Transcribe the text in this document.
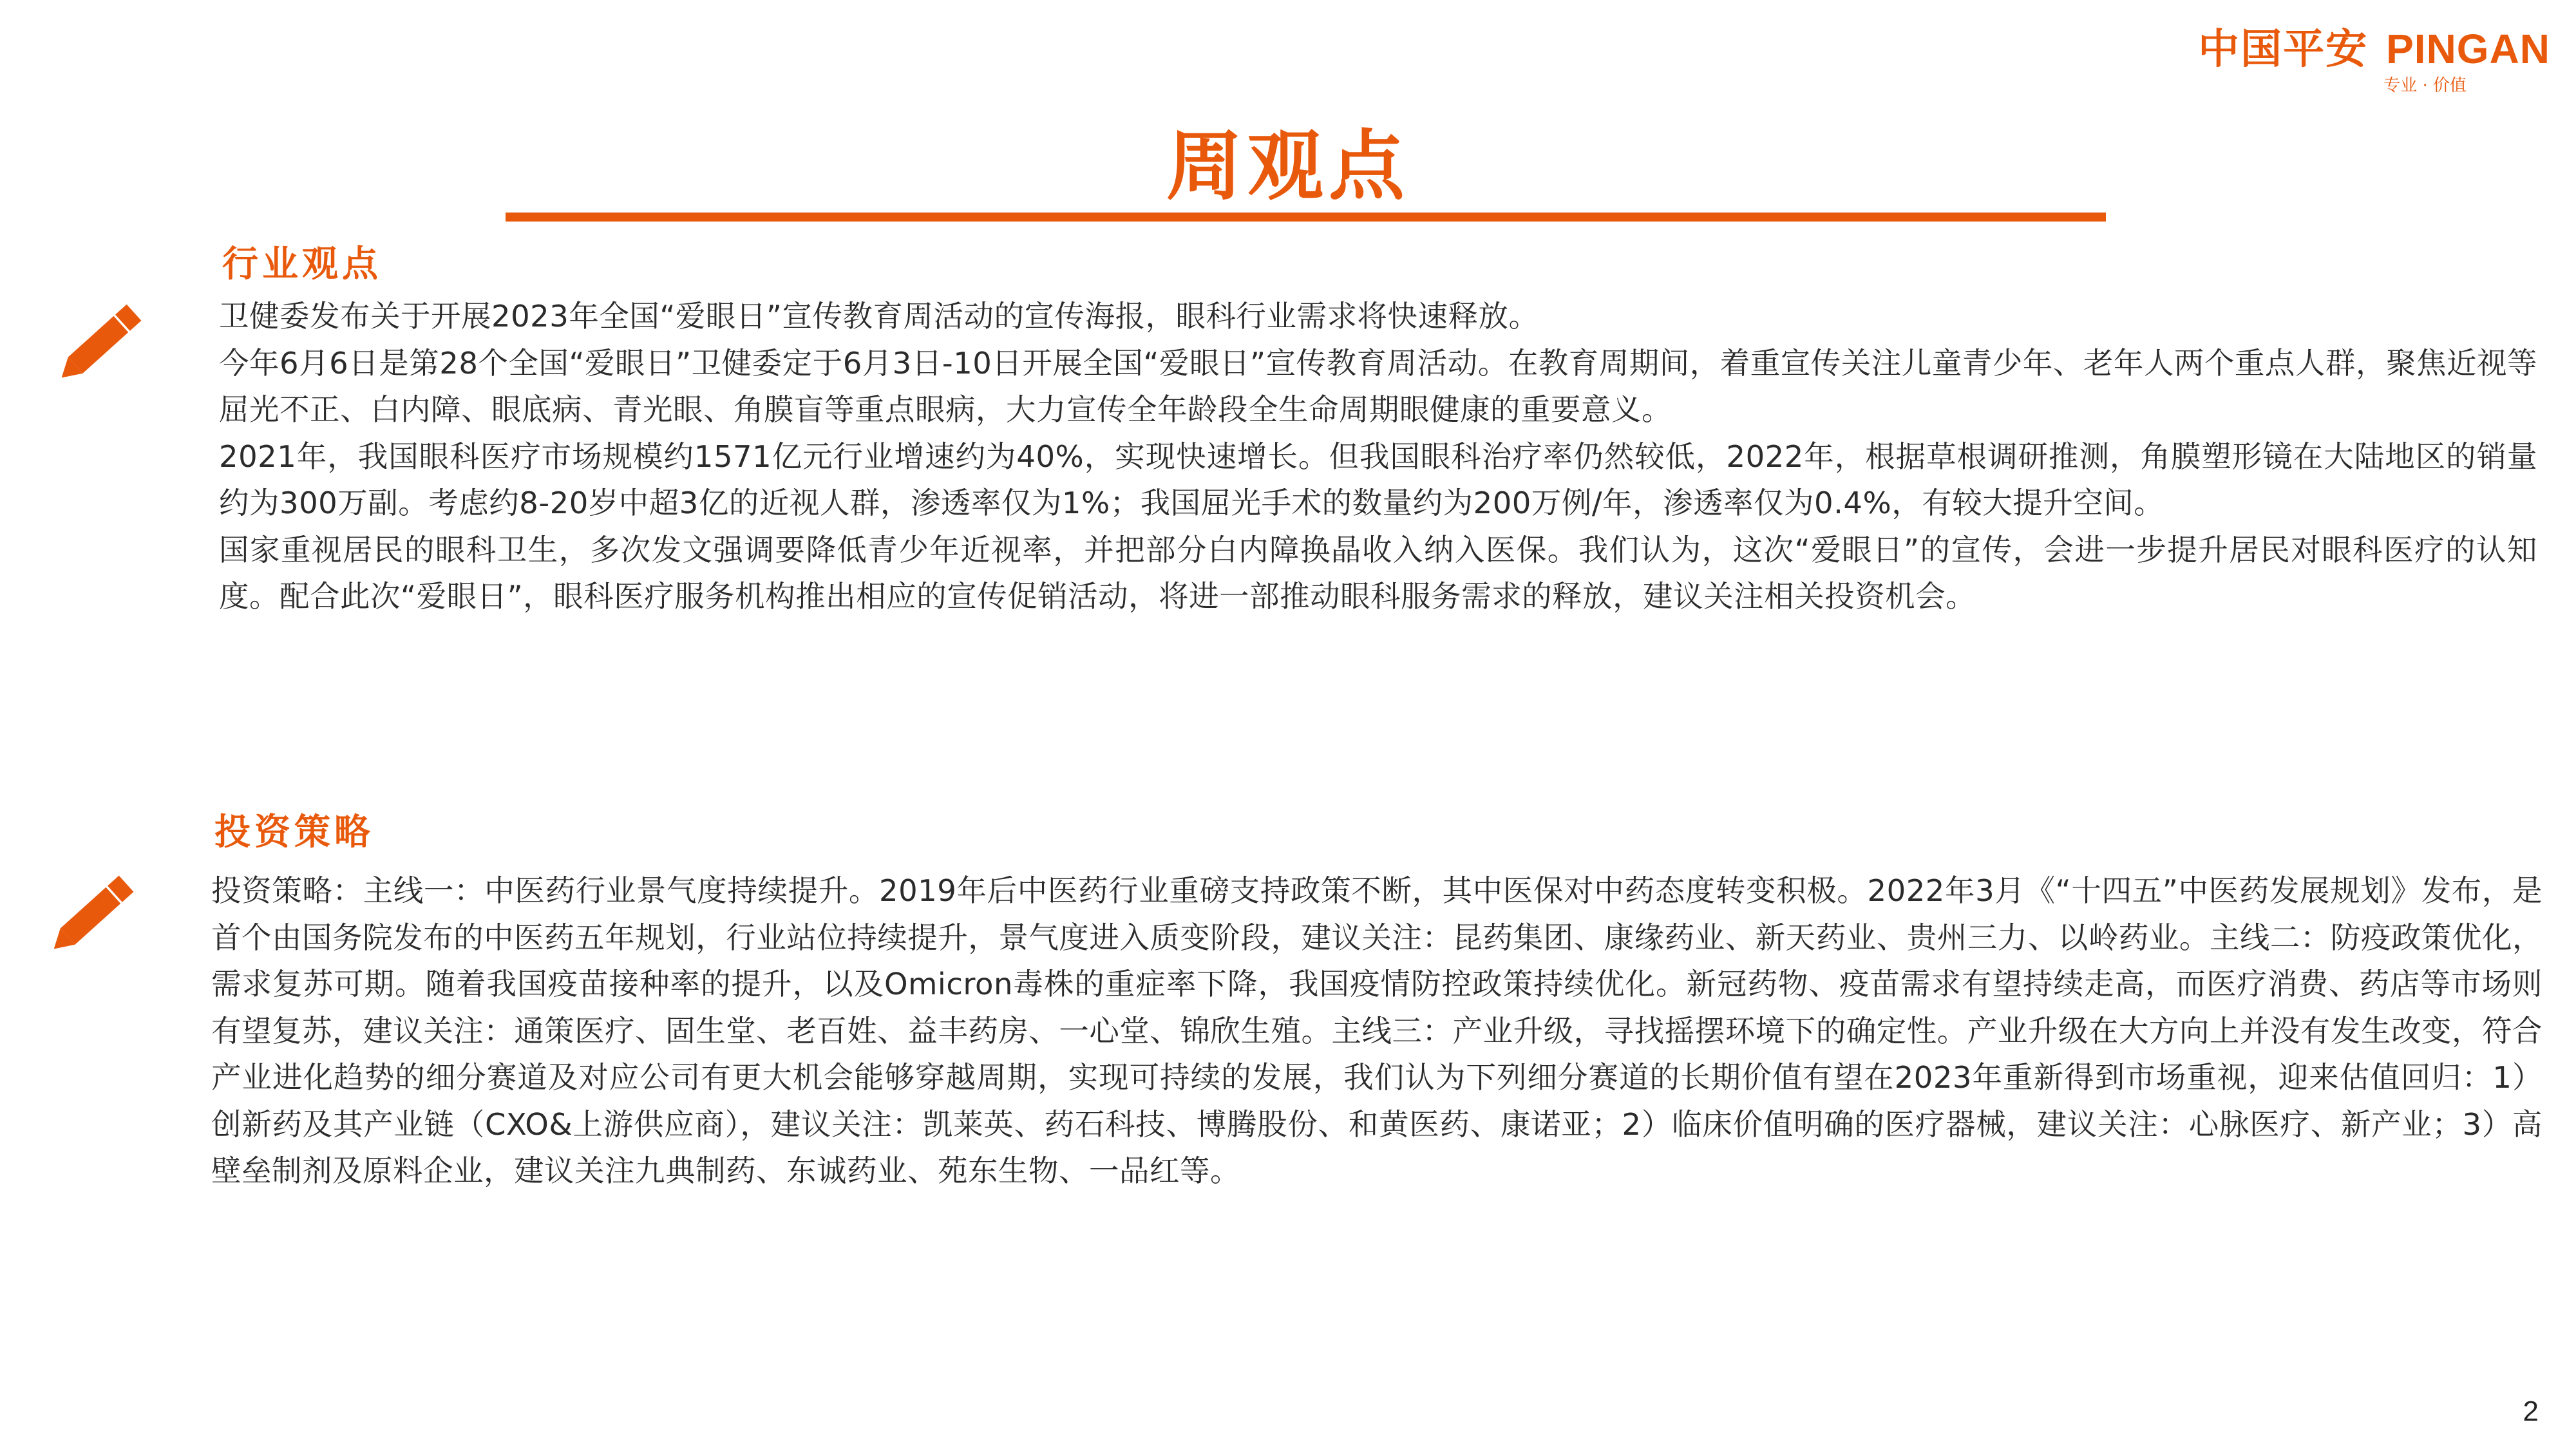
中国平安 PINGAN
专业 · 价值
周观点
行业观点

卫健委发布关于开展2023年全国“爱眼日”宣传教育周活动的宣传海报，眼科行业需求将快速释放。

今年6月6日是第28个全国“爱眼日”卫健委定于6月3日-10日开展全国“爱眼日”宣传教育周活动。在教育周期间，着重宣传关注儿童青少年、老年人两个重点人群，聚焦近视等屈光不正、白内障、眼底病、青光眼、角膜盲等重点眼病，大力宣传全年龄段全生命周期眼健康的重要意义。

2021年，我国眼科医疗市场规模约1571亿元行业增速约为40%，实现快速增长。但我国眼科治疗率仍然较低，2022年，根据草根调研推测，角膜塑形镜在大陆地区的销量约为300万副。考虑约8-20岁中超3亿的近视人群，渗透率仅为1%；我国屈光手术的数量约为200万例/年，渗透率仅为0.4%，有较大提升空间。

国家重视居民的眼科卫生，多次发文强调要降低青少年近视率，并把部分白内障换晶收入纳入医保。我们认为，这次“爱眼日”的宣传，会进一步提升居民对眼科医疗的认知度。配合此次“爱眼日”，眼科医疗服务机构推出相应的宣传促销活动，将进一部推动眼科服务需求的释放，建议关注相关投资机会。

投资策略

投资策略：主线一：中医药行业景气度持续提升。2019年后中医药行业重磅支持政策不断，其中医保对中药态度转变积极。2022年3月《“十四五”中医药发展规划》发布，是首个由国务院发布的中医药五年规划，行业站位持续提升，景气度进入质变阶段，建议关注：昆药集团、康缘药业、新天药业、贵州三力、以岭药业。主线二：防疫政策优化，需求复苏可期。随着我国疫苗接种率的提升，以及Omicron毒株的重症率下降，我国疫情防控政策持续优化。新冠药物、疫苗需求有望持续走高，而医疗消费、药店等市场则有望复苏，建议关注：通策医疗、固生堂、老百姓、益丰药房、一心堂、锦欣生殖。主线三：产业升级，寻找摇摆环境下的确定性。产业升级在大方向上并没有发生改变，符合产业进化趋势的细分赛道及对应公司有更大机会能够穿越周期，实现可持续的发展，我们认为下列细分赛道的长期价值有望在2023年重新得到市场重视，迎来估值回归：1）创新药及其产业链（CXO&上游供应商），建议关注：凯莱英、药石科技、博腾股份、和黄医药、康诺亚；2）临床价值明确的医疗器械，建议关注：心脉医疗、新产业；3）高壁垒制剂及原料企业，建议关注九典制药、东诚药业、苑东生物、一品红等。

2
